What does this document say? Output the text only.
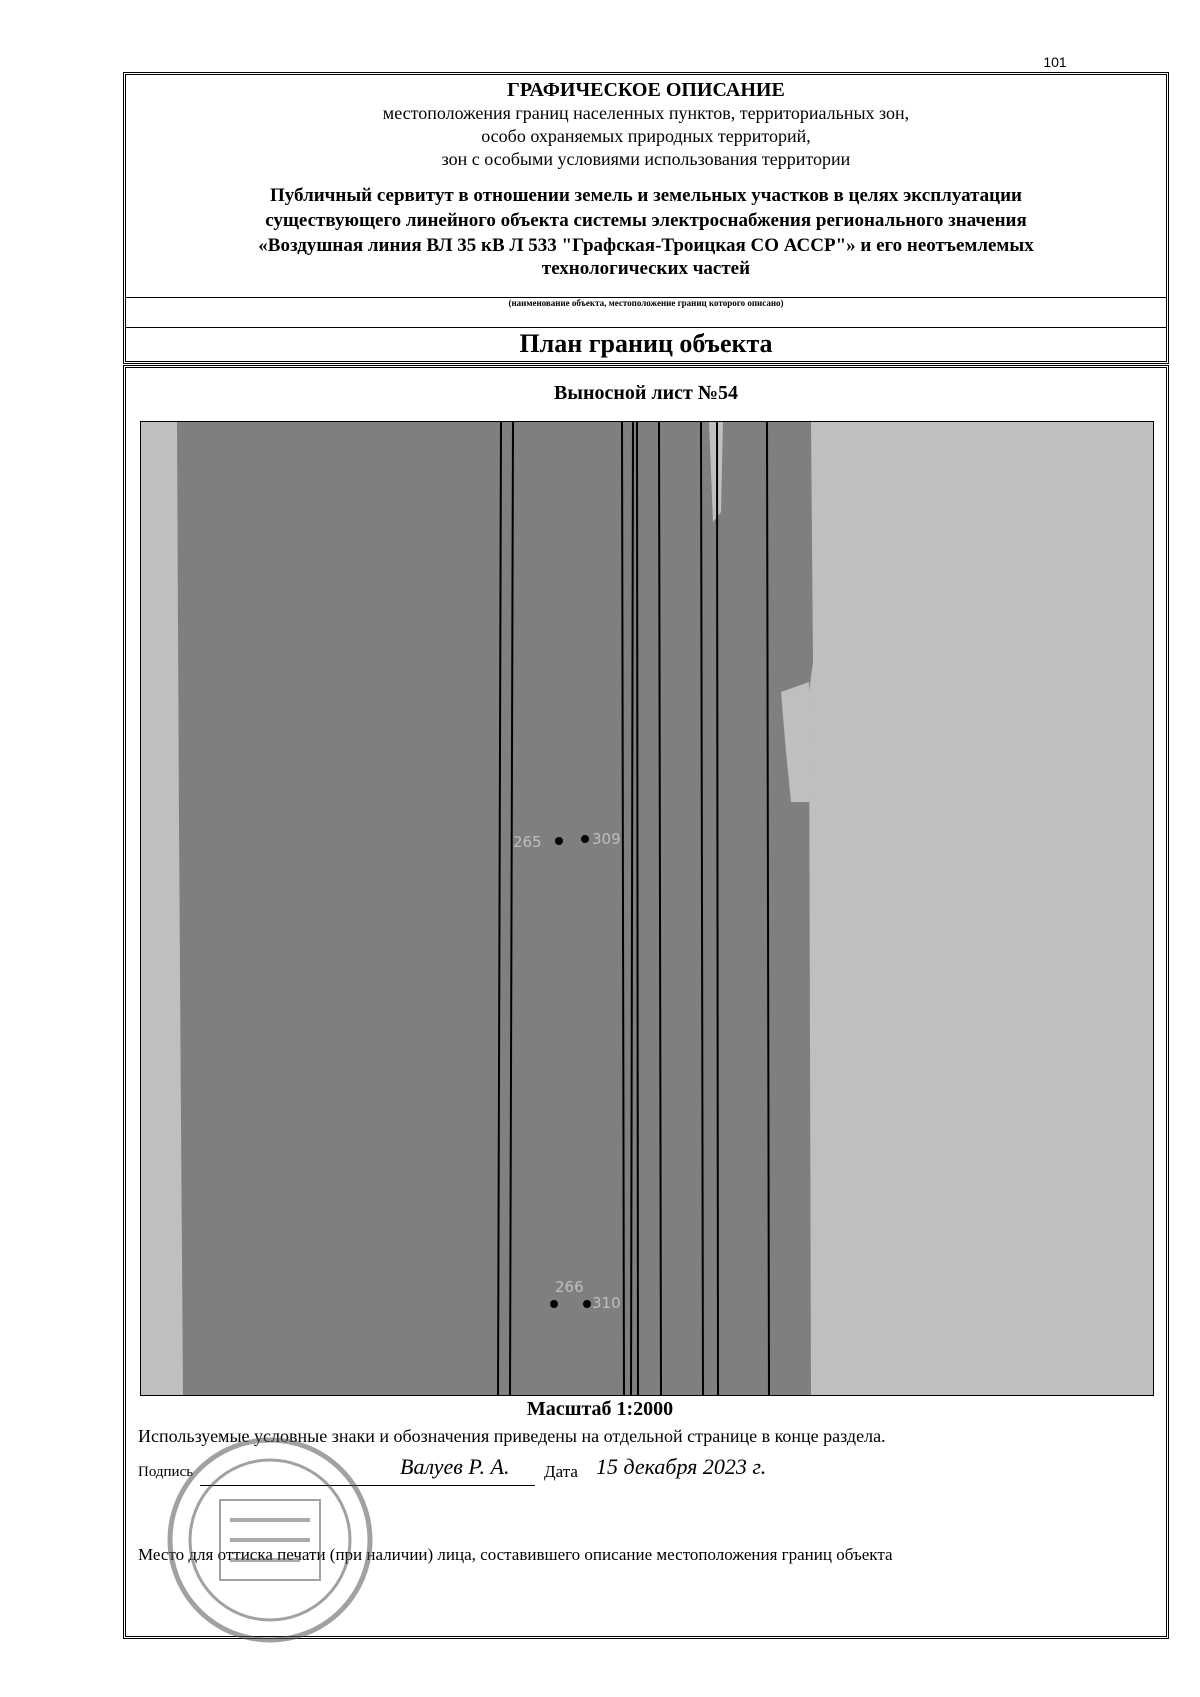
101
ГРАФИЧЕСКОЕ ОПИСАНИЕ
местоположения границ населенных пунктов, территориальных зон,
особо охраняемых природных территорий,
зон с особыми условиями использования территории
Публичный сервитут в отношении земель и земельных участков в целях эксплуатации
существующего линейного объекта системы электроснабжения регионального значения
«Воздушная линия ВЛ 35 кВ Л 533 "Графская-Троицкая СО АССР"» и его неотъемлемых
технологических частей
(наименование объекта, местоположение границ которого описано)
План границ объекта
Выносной лист №54
265	309
266
310
Масштаб 1:2000
Используемые условные знаки и обозначения приведены на отдельной странице в конце раздела.
Подпись	Валуев Р. А. Дата 15 декабря 2023 г.
Место для оттиска печати (при наличии) лица, составившего описание местоположения границ объекта
